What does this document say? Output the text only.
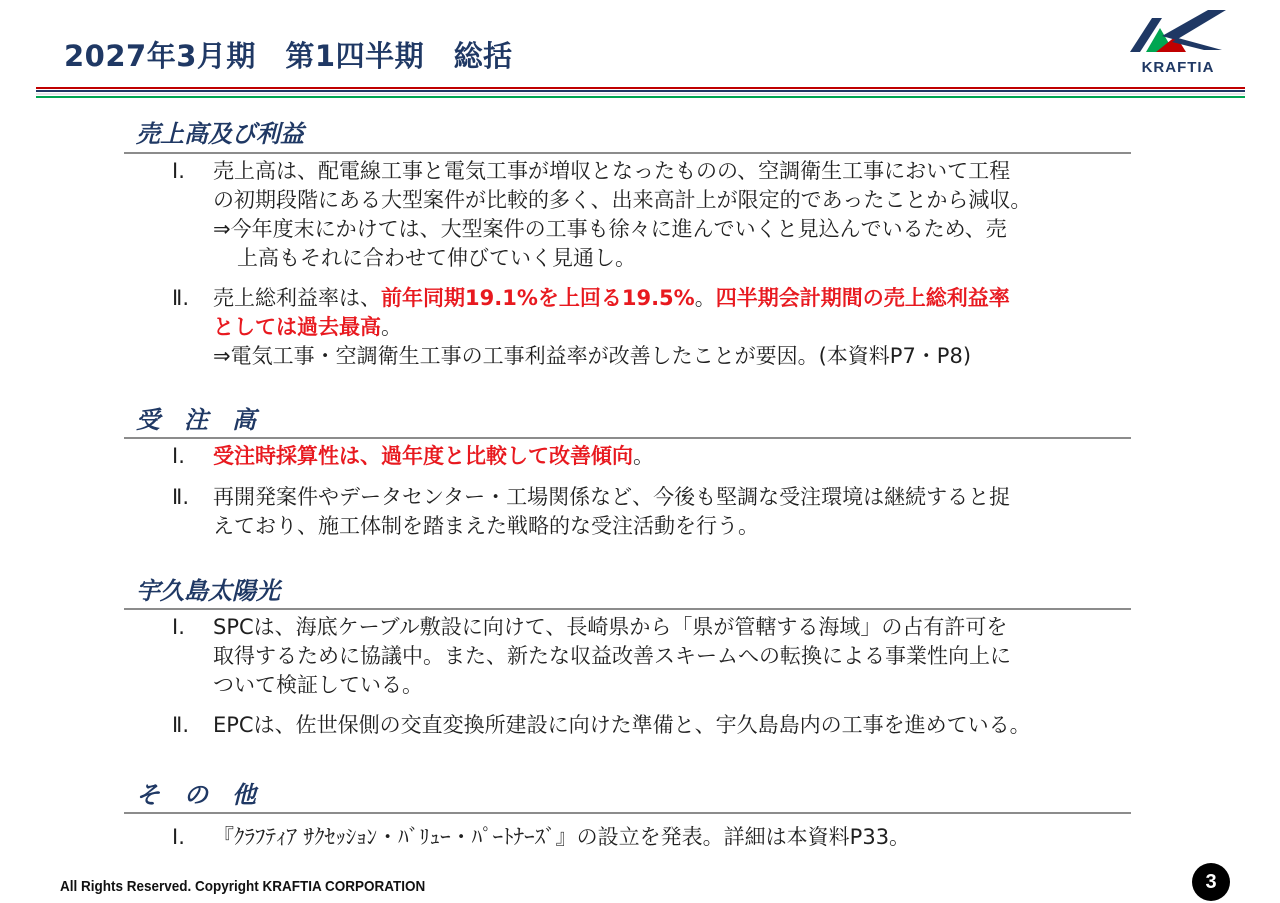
2027年3月期　第1四半期　総括	KRAFTIA
売上高及び利益
Ⅰ.	売上高は、配電線工事と電気工事が増収となったものの、空調衛生工事において工程
の初期段階にある大型案件が比較的多く、出来高計上が限定的であったことから減収。
⇒今年度末にかけては、大型案件の工事も徐々に進んでいくと見込んでいるため、売
上高もそれに合わせて伸びていく見通し。
Ⅱ.	売上総利益率は、前年同期19.1%を上回る19.5%。四半期会計期間の売上総利益率
としては過去最高。
⇒電気工事・空調衛生工事の工事利益率が改善したことが要因。(本資料P7・P8)
受　注　高
Ⅰ.	受注時採算性は、過年度と比較して改善傾向。
Ⅱ.	再開発案件やデータセンター・工場関係など、今後も堅調な受注環境は継続すると捉
えており、施工体制を踏まえた戦略的な受注活動を行う。
宇久島太陽光
Ⅰ.	SPCは、海底ケーブル敷設に向けて、長崎県から「県が管轄する海域」の占有許可を
取得するために協議中。また、新たな収益改善スキームへの転換による事業性向上に
ついて検証している。
Ⅱ.	EPCは、佐世保側の交直変換所建設に向けた準備と、宇久島島内の工事を進めている。
そ　の　他
Ⅰ.	『ｸﾗﾌﾃｨｱ ｻｸｾｯｼｮﾝ・ﾊﾞﾘｭｰ・ﾊﾟｰﾄﾅｰｽﾞ』の設立を発表。詳細は本資料P33。
All Rights Reserved. Copyright KRAFTIA CORPORATION	3
